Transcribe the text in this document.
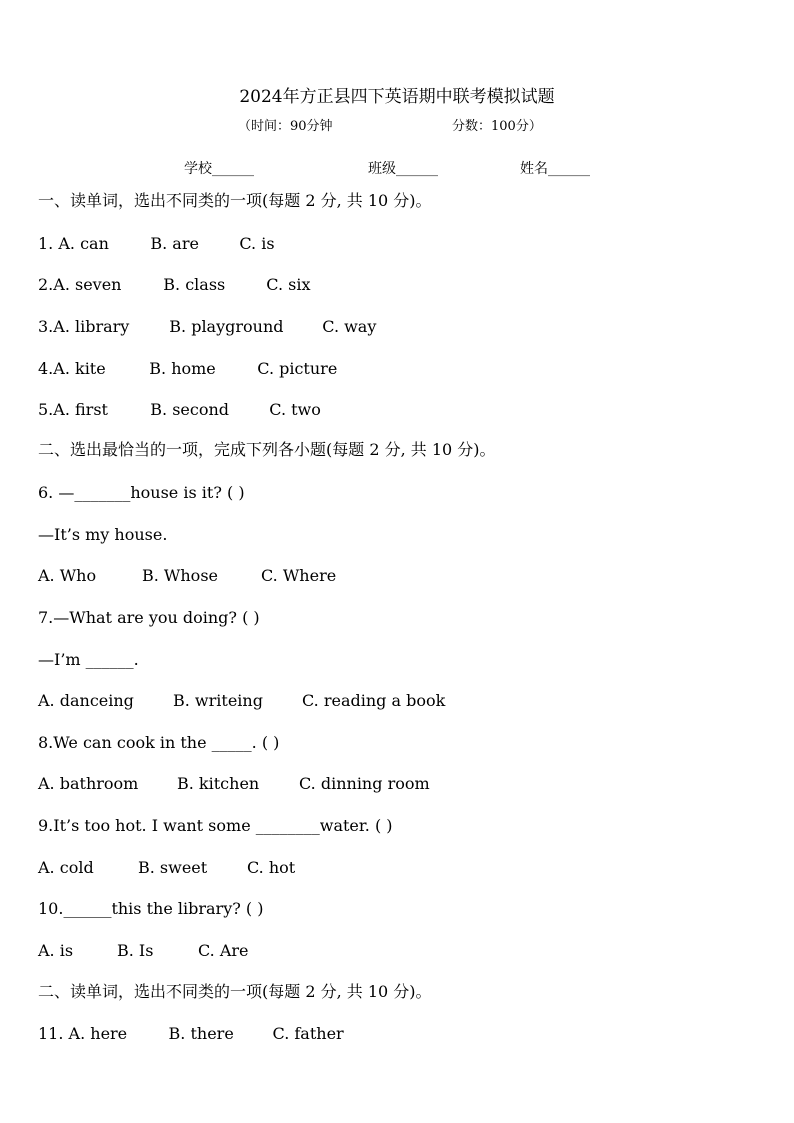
2024年方正县四下英语期中联考模拟试题
（时间：90分钟	分数：100分）
学校______	班级______	姓名______
一、读单词，选出不同类的一项(每题 2 分, 共 10 分)。
1. A. can	B. are	C. is
2.A. seven	B. class	C. six
3.A. library B. playground C. way
4.A. kite	B. home	C. picture
5.A. first	B. second	C. two
二、选出最恰当的一项，完成下列各小题(每题 2 分, 共 10 分)。
6. —_______house is it? ( )
—It’s my house.
A. Who	B. Whose	C. Where
7.—What are you doing? ( )
—I’m ______.
A. danceing B. writeing C. reading a book
8.We can cook in the _____. ( )
A. bathroom B. kitchen C. dinning room
9.It’s too hot. I want some ________water. ( )
A. cold	B. sweet C. hot
10.______this the library? ( )
A. is	B. Is	C. Are
二、读单词，选出不同类的一项(每题 2 分, 共 10 分)。
11. A. here	B. there C. father
